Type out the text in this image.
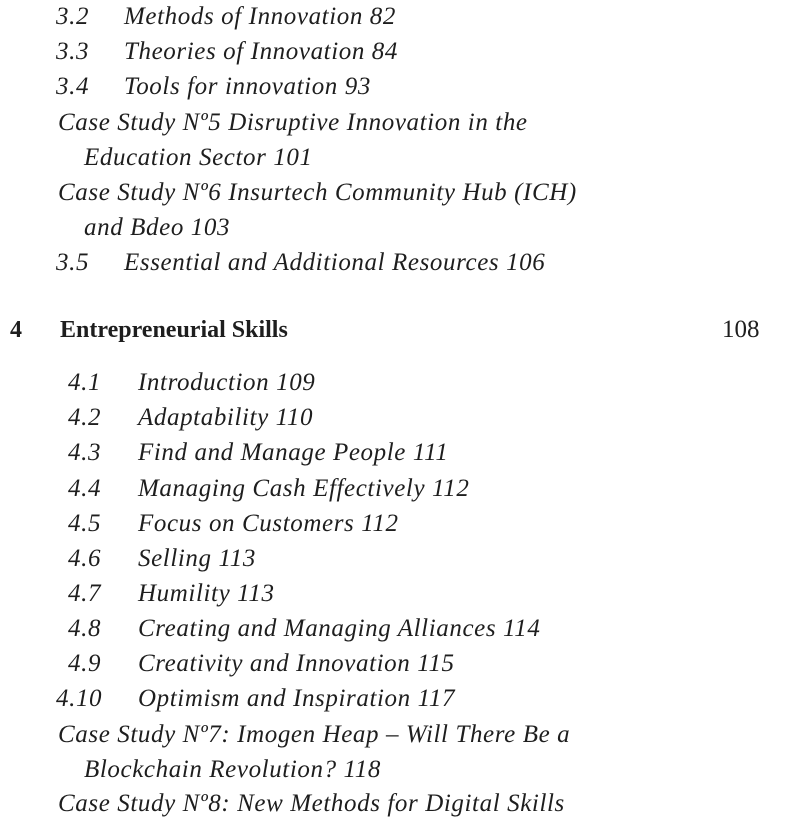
3.2 Methods of Innovation 82
3.3 Theories of Innovation 84
3.4 Tools for innovation 93
Case Study Nº5 Disruptive Innovation in the
Education Sector 101
Case Study Nº6 Insurtech Community Hub (ICH)
and Bdeo 103
3.5 Essential and Additional Resources 106
4 Entrepreneurial Skills	108
4.1 Introduction 109
4.2 Adaptability 110
4.3 Find and Manage People 111
4.4 Managing Cash Effectively 112
4.5 Focus on Customers 112
4.6 Selling 113
4.7 Humility 113
4.8 Creating and Managing Alliances 114
4.9 Creativity and Innovation 115
4.10 Optimism and Inspiration 117
Case Study Nº7: Imogen Heap – Will There Be a
Blockchain Revolution? 118
Case Study Nº8: New Methods for Digital Skills
